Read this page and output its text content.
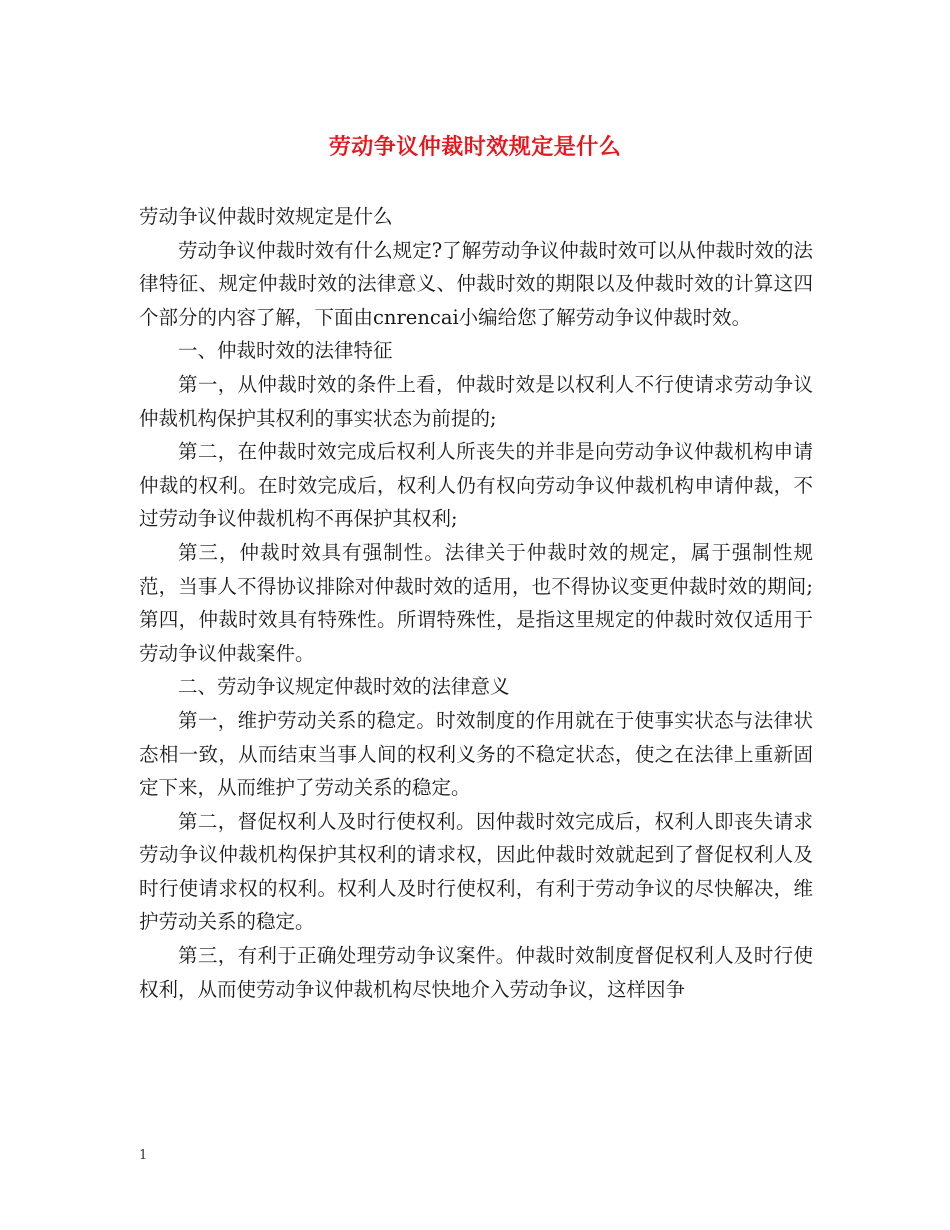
劳动争议仲裁时效规定是什么

劳动争议仲裁时效规定是什么

劳动争议仲裁时效有什么规定?了解劳动争议仲裁时效可以从仲裁时效的法律特征、规定仲裁时效的法律意义、仲裁时效的期限以及仲裁时效的计算这四个部分的内容了解，下面由cnrencai小编给您了解劳动争议仲裁时效。

一、仲裁时效的法律特征

第一，从仲裁时效的条件上看，仲裁时效是以权利人不行使请求劳动争议仲裁机构保护其权利的事实状态为前提的;

第二，在仲裁时效完成后权利人所丧失的并非是向劳动争议仲裁机构申请仲裁的权利。在时效完成后，权利人仍有权向劳动争议仲裁机构申请仲裁，不过劳动争议仲裁机构不再保护其权利;

第三，仲裁时效具有强制性。法律关于仲裁时效的规定，属于强制性规范，当事人不得协议排除对仲裁时效的适用，也不得协议变更仲裁时效的期间;第四，仲裁时效具有特殊性。所谓特殊性，是指这里规定的仲裁时效仅适用于劳动争议仲裁案件。

二、劳动争议规定仲裁时效的法律意义

第一，维护劳动关系的稳定。时效制度的作用就在于使事实状态与法律状态相一致，从而结束当事人间的权利义务的不稳定状态，使之在法律上重新固定下来，从而维护了劳动关系的稳定。

第二，督促权利人及时行使权利。因仲裁时效完成后，权利人即丧失请求劳动争议仲裁机构保护其权利的请求权，因此仲裁时效就起到了督促权利人及时行使请求权的权利。权利人及时行使权利，有利于劳动争议的尽快解决，维护劳动关系的稳定。

第三，有利于正确处理劳动争议案件。仲裁时效制度督促权利人及时行使权利，从而使劳动争议仲裁机构尽快地介入劳动争议，这样因争

1
